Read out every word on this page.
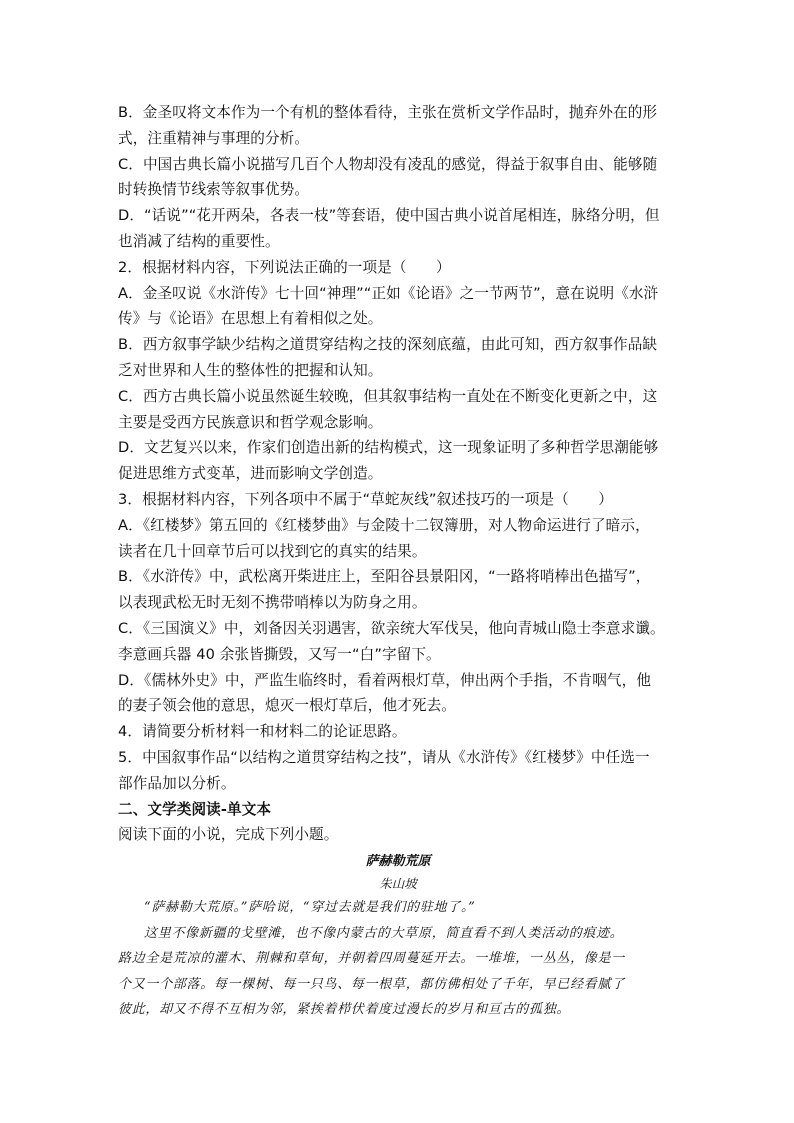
B．金圣叹将文本作为一个有机的整体看待，主张在赏析文学作品时，抛弃外在的形
式，注重精神与事理的分析。
C．中国古典长篇小说描写几百个人物却没有凌乱的感觉，得益于叙事自由、能够随
时转换情节线索等叙事优势。
D．“话说”“花开两朵，各表一枝”等套语，使中国古典小说首尾相连，脉络分明，但
也消减了结构的重要性。
2．根据材料内容，下列说法正确的一项是（　　）
A．金圣叹说《水浒传》七十回“神理”“正如《论语》之一节两节”，意在说明《水浒
传》与《论语》在思想上有着相似之处。
B．西方叙事学缺少结构之道贯穿结构之技的深刻底蕴，由此可知，西方叙事作品缺
乏对世界和人生的整体性的把握和认知。
C．西方古典长篇小说虽然诞生较晚，但其叙事结构一直处在不断变化更新之中，这
主要是受西方民族意识和哲学观念影响。
D．文艺复兴以来，作家们创造出新的结构模式，这一现象证明了多种哲学思潮能够
促进思维方式变革，进而影响文学创造。
3．根据材料内容，下列各项中不属于“草蛇灰线”叙述技巧的一项是（　　）
A．《红楼梦》第五回的《红楼梦曲》与金陵十二钗簿册，对人物命运进行了暗示，
读者在几十回章节后可以找到它的真实的结果。
B．《水浒传》中，武松离开柴进庄上，至阳谷县景阳冈，“一路将哨棒出色描写”，
以表现武松无时无刻不携带哨棒以为防身之用。
C．《三国演义》中，刘备因关羽遇害，欲亲统大军伐吴，他向青城山隐士李意求谶。
李意画兵器 40 余张皆撕毁，又写一“白”字留下。
D．《儒林外史》中，严监生临终时，看着两根灯草，伸出两个手指，不肯咽气，他
的妻子领会他的意思，熄灭一根灯草后，他才死去。
4．请简要分析材料一和材料二的论证思路。
5．中国叙事作品“以结构之道贯穿结构之技”，请从《水浒传》《红楼梦》中任选一
部作品加以分析。
二、文学类阅读-单文本
阅读下面的小说，完成下列小题。
萨赫勒荒原
朱山坡
“萨赫勒大荒原。”萨哈说，“穿过去就是我们的驻地了。”
这里不像新疆的戈壁滩，也不像内蒙古的大草原，简直看不到人类活动的痕迹。
路边全是荒凉的灌木、荆棘和草甸，并朝着四周蔓延开去。一堆堆，一丛丛，像是一
个又一个部落。每一棵树、每一只鸟、每一根草，都仿佛相处了千年，早已经看腻了
彼此，却又不得不互相为邻，紧挨着栉伏着度过漫长的岁月和亘古的孤独。
